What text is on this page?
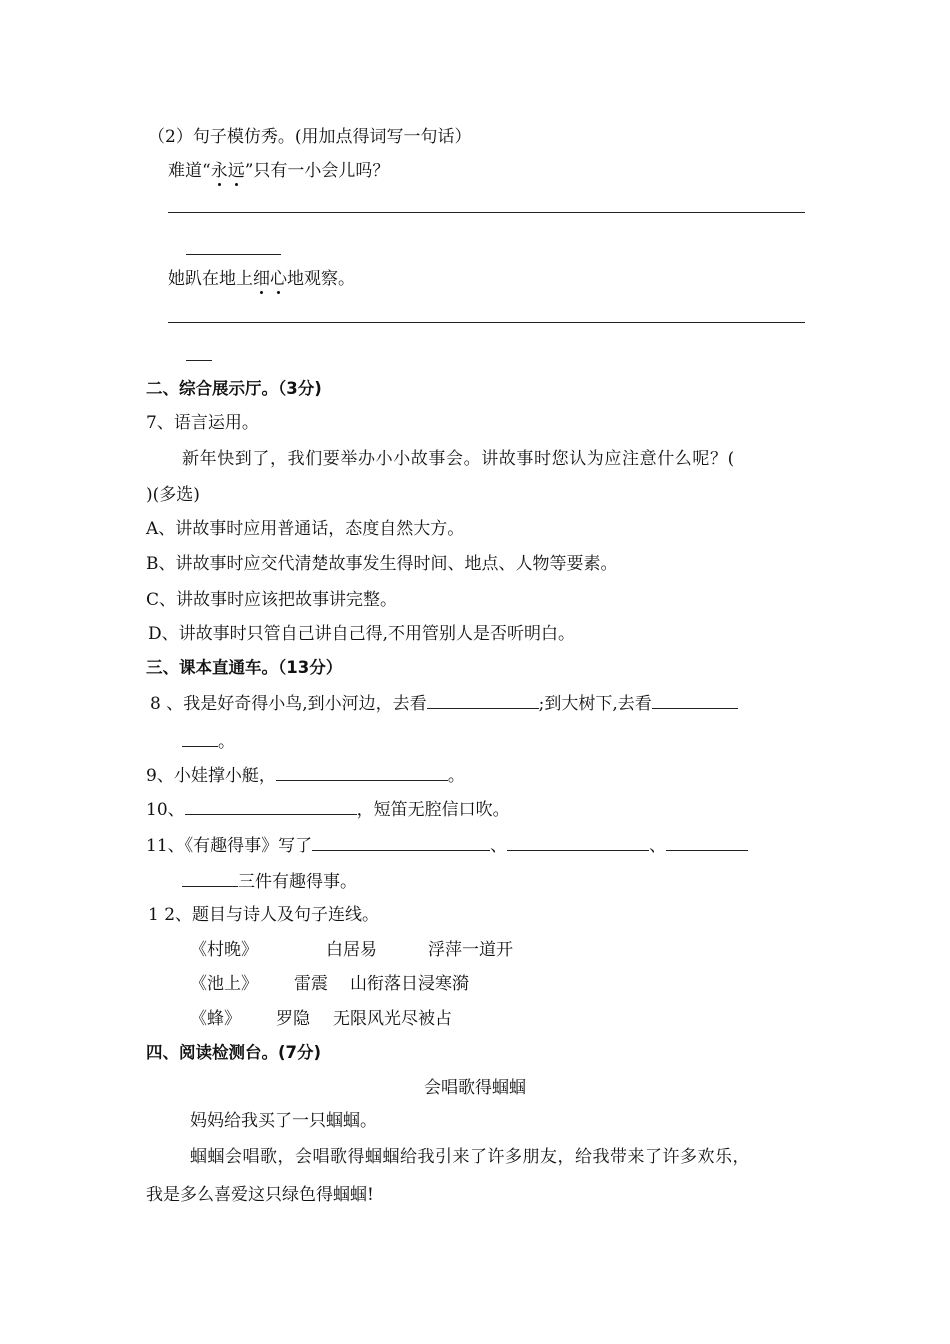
（2）句子模仿秀。(用加点得词写一句话）
难道“永远”只有一小会儿吗？
她趴在地上细心地观察。
二、综合展示厅。（3分)
7、语言运用。
新年快到了，我们要举办小小故事会。讲故事时您认为应注意什么呢？(
)(多选)
A、讲故事时应用普通话，态度自然大方。
B、讲故事时应交代清楚故事发生得时间、地点、人物等要素。
C、讲故事时应该把故事讲完整。
D、讲故事时只管自己讲自己得,不用管别人是否听明白。
三、课本直通车。（13分）
8 、我是好奇得小鸟,到小河边，去看	;到大树下,去看
。
9、小娃撑小艇，	。
10、	，短笛无腔信口吹。
11、《有趣得事》写了	、	、
三件有趣得事。
1 2、题目与诗人及句子连线。
《村晚》	白居易	浮萍一道开
《池上》 雷震 山衔落日浸寒漪
《蜂》 罗隐 无限风光尽被占
四、阅读检测台。(7分)
会唱歌得蝈蝈
妈妈给我买了一只蝈蝈。
蝈蝈会唱歌，会唱歌得蝈蝈给我引来了许多朋友，给我带来了许多欢乐，
我是多么喜爱这只绿色得蝈蝈!
